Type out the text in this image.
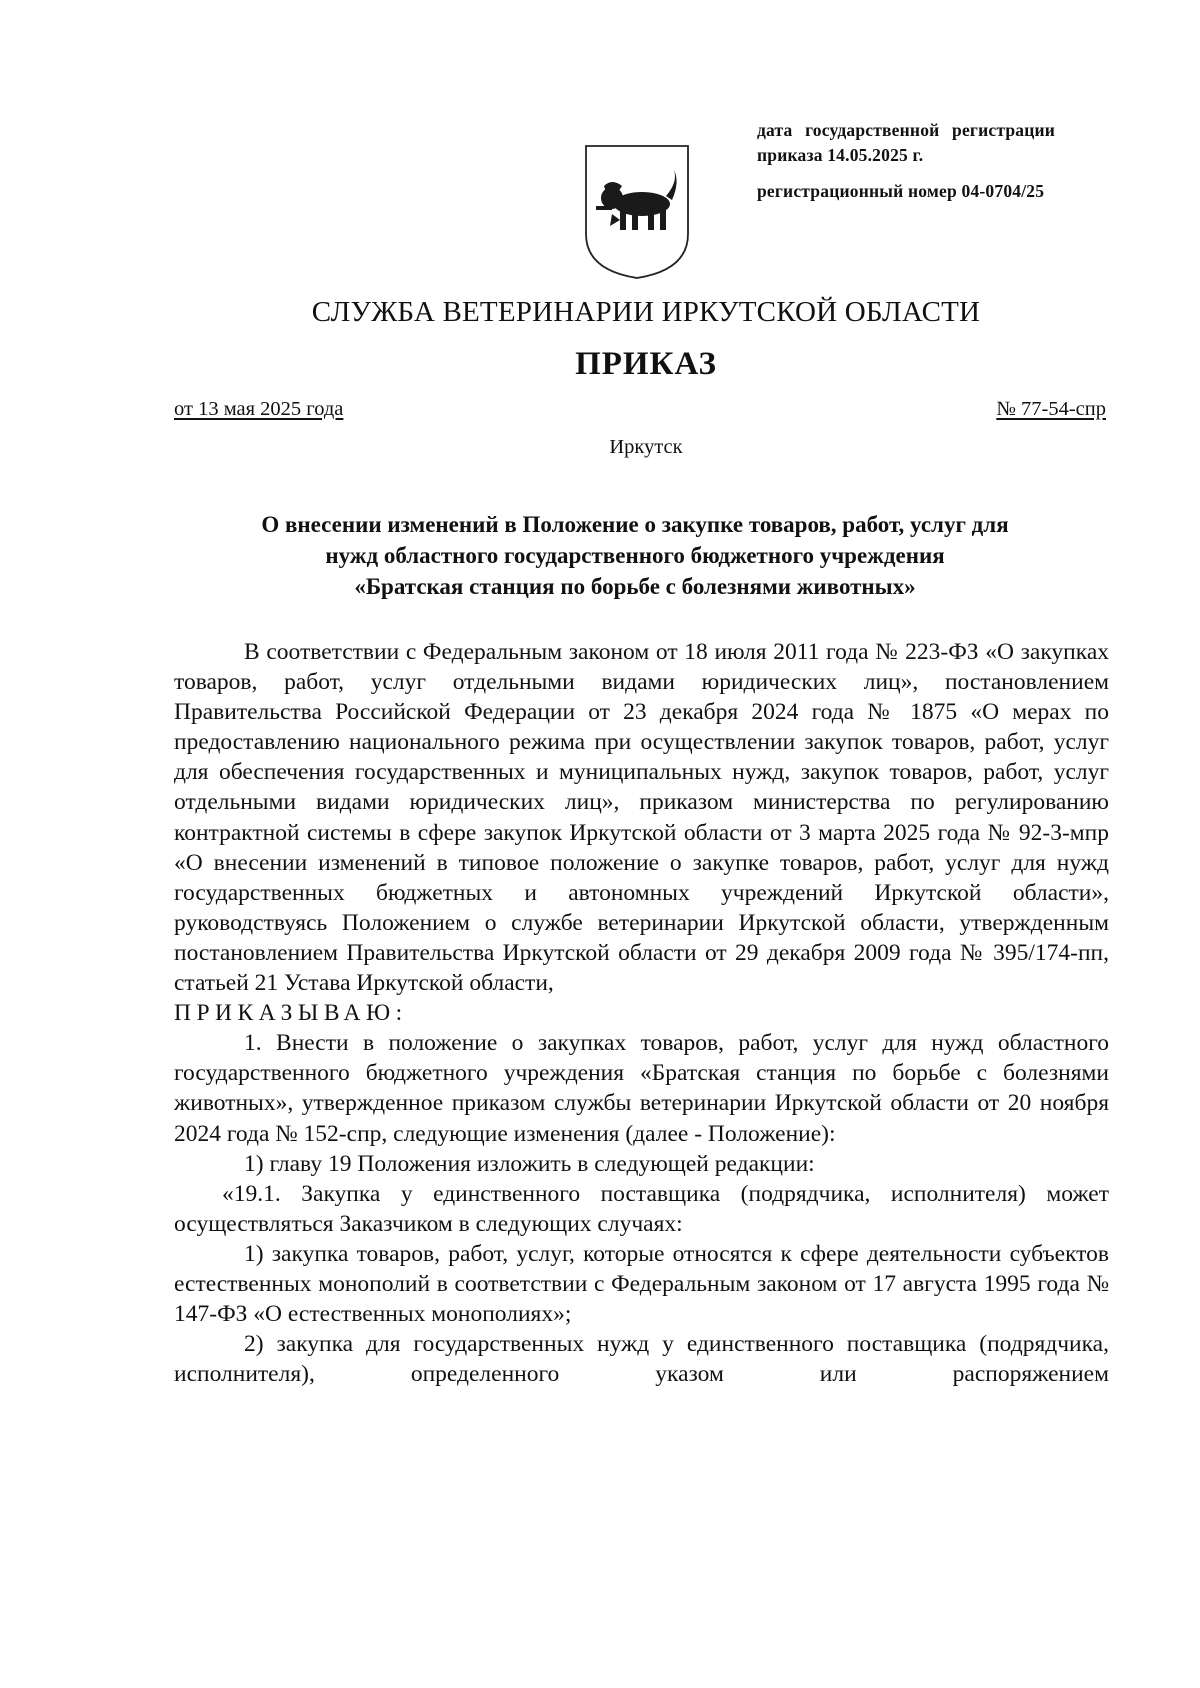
дата государственной регистрации
приказа 14.05.2025 г.
регистрационный номер 04-0704/25
СЛУЖБА ВЕТЕРИНАРИИ ИРКУТСКОЙ ОБЛАСТИ
ПРИКАЗ
от 13 мая 2025 года	№ 77-54-спр
Иркутск
О внесении изменений в Положение о закупке товаров, работ, услуг для
нужд областного государственного бюджетного учреждения
«Братская станция по борьбе с болезнями животных»

В соответствии с Федеральным законом от 18 июля 2011 года № 223-ФЗ «О закупках товаров, работ, услуг отдельными видами юридических лиц», постановлением Правительства Российской Федерации от 23 декабря 2024 года № 1875 «О мерах по предоставлению национального режима при осуществлении закупок товаров, работ, услуг для обеспечения государственных и муниципальных нужд, закупок товаров, работ, услуг отдельными видами юридических лиц», приказом министерства по регулированию контрактной системы в сфере закупок Иркутской области от 3 марта 2025 года № 92-3-мпр «О внесении изменений в типовое положение о закупке товаров, работ, услуг для нужд государственных бюджетных и автономных учреждений Иркутской области», руководствуясь Положением о службе ветеринарии Иркутской области, утвержденным постановлением Правительства Иркутской области от 29 декабря 2009 года № 395/174-пп, статьей 21 Устава Иркутской области,

ПРИКАЗЫВАЮ:

1. Внести в положение о закупках товаров, работ, услуг для нужд областного государственного бюджетного учреждения «Братская станция по борьбе с болезнями животных», утвержденное приказом службы ветеринарии Иркутской области от 20 ноября 2024 года № 152-спр, следующие изменения (далее - Положение):

1) главу 19 Положения изложить в следующей редакции:

«19.1. Закупка у единственного поставщика (подрядчика, исполнителя) может осуществляться Заказчиком в следующих случаях:

1) закупка товаров, работ, услуг, которые относятся к сфере деятельности субъектов естественных монополий в соответствии с Федеральным законом от 17 августа 1995 года № 147-ФЗ «О естественных монополиях»;

2) закупка для государственных нужд у единственного поставщика (подрядчика, исполнителя), определенного указом или распоряжением
